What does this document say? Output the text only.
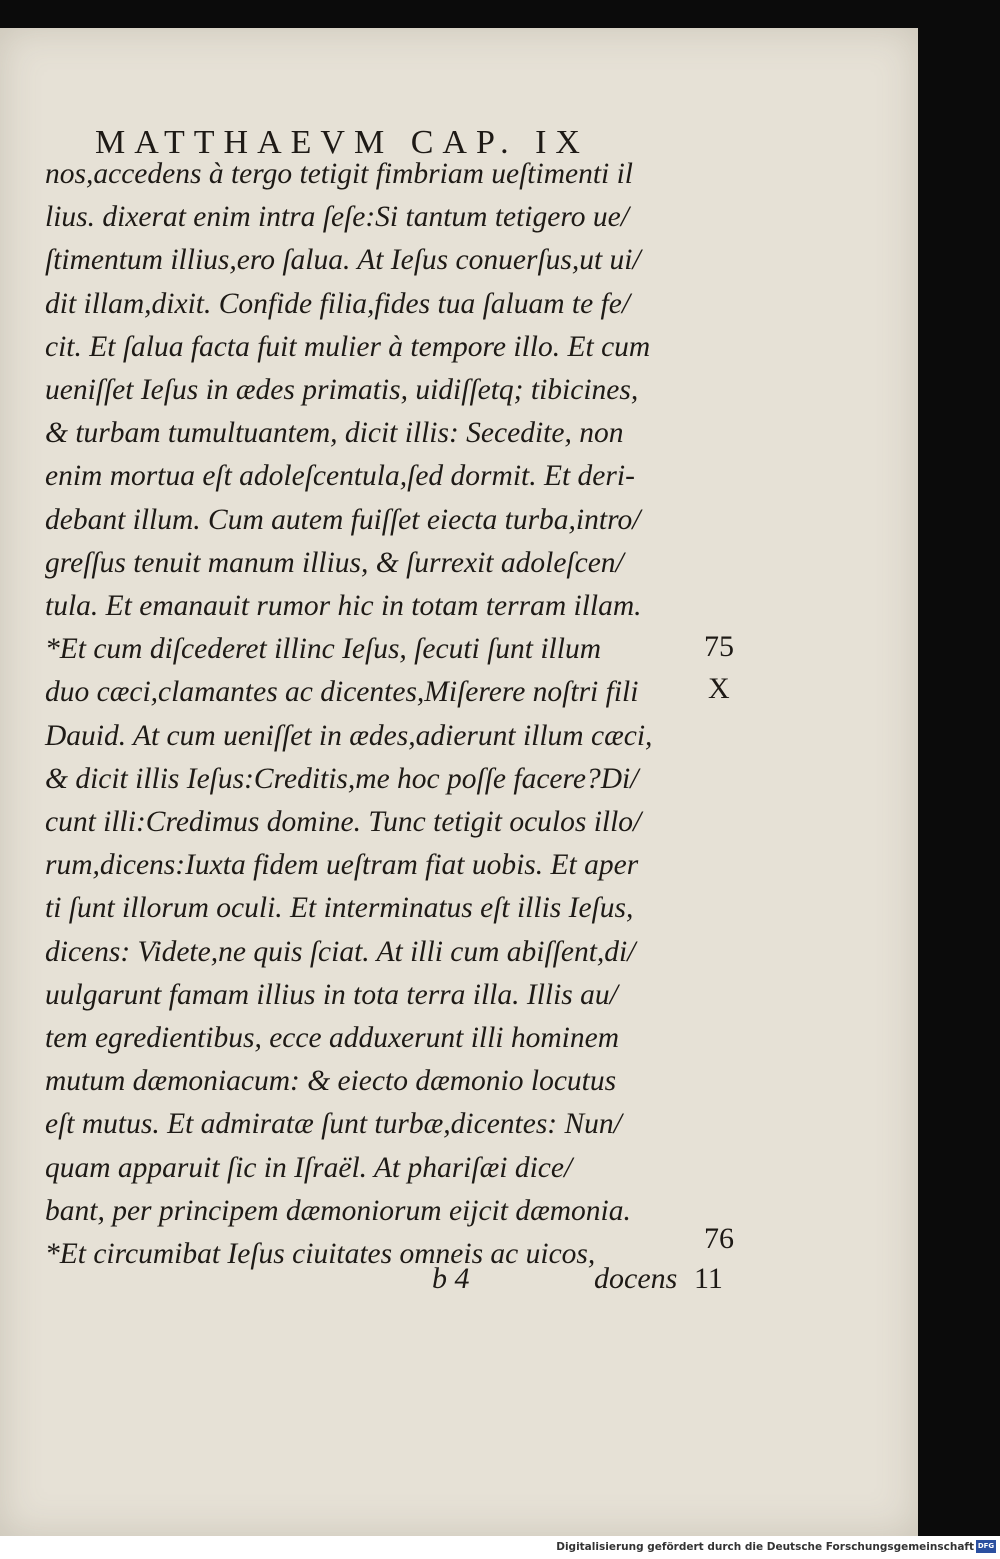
MATTHAEVM CAP. IX
nos,accedens à tergo tetigit fimbriam ueſtimenti il
lius. dixerat enim intra ſeſe:Si tantum tetigero ue/
ſtimentum illius,ero ſalua. At Ieſus conuerſus,ut ui/
dit illam,dixit. Confide filia,fides tua ſaluam te fe/
cit. Et ſalua facta fuit mulier à tempore illo. Et cum
ueniſſet Ieſus in ædes primatis, uidiſſetq; tibicines,
& turbam tumultuantem, dicit illis: Secedite, non
enim mortua eſt adoleſcentula,ſed dormit. Et deri-
debant illum. Cum autem fuiſſet eiecta turba,intro/
greſſus tenuit manum illius, & ſurrexit adoleſcen/
tula. Et emanauit rumor hic in totam terram illam.
*Et cum diſcederet illinc Ieſus, ſecuti ſunt illum
duo cæci,clamantes ac dicentes,Miſerere noſtri fili
Dauid. At cum ueniſſet in ædes,adierunt illum cæci,
& dicit illis Ieſus:Creditis,me hoc poſſe facere?Di/
cunt illi:Credimus domine. Tunc tetigit oculos illo/
rum,dicens:Iuxta fidem ueſtram fiat uobis. Et aper
ti ſunt illorum oculi. Et interminatus eſt illis Ieſus,
dicens: Videte,ne quis ſciat. At illi cum abiſſent,di/
uulgarunt famam illius in tota terra illa. Illis au/
tem egredientibus, ecce adduxerunt illi hominem
mutum dæmoniacum: & eiecto dæmonio locutus
eſt mutus. Et admiratæ ſunt turbæ,dicentes: Nun/
quam apparuit ſic in Iſraël. At phariſæi dice/
bant, per principem dæmoniorum eijcit dæmonia.
*Et circumibat Ieſus ciuitates omneis ac uicos,
75
X
76
b 4	docens 11
Digitalisierung gefördert durch die Deutsche Forschungsgemeinschaft DFG
